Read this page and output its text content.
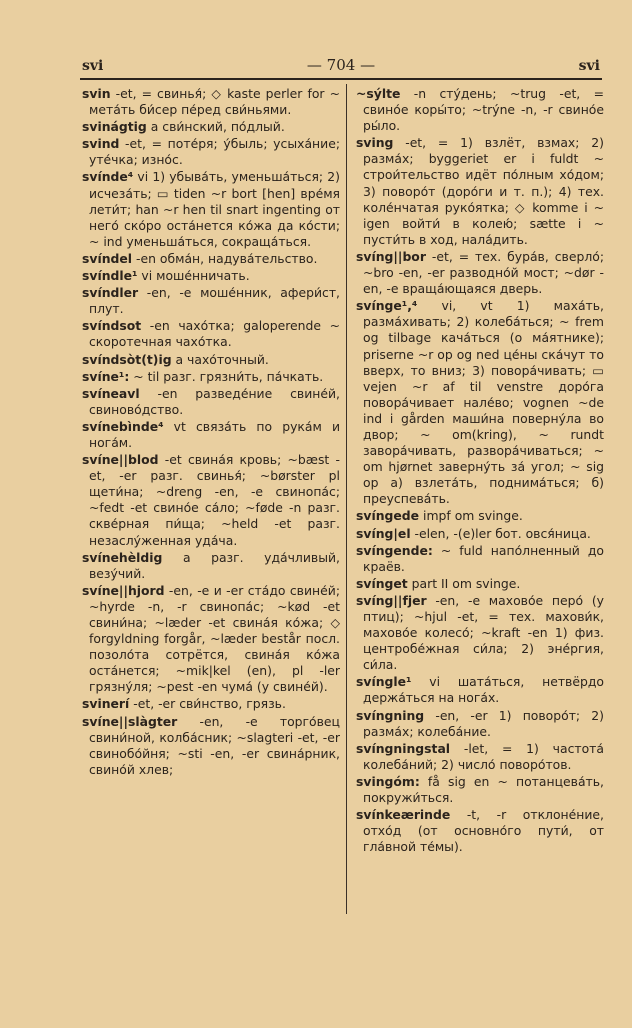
svi	— 704 —	svi
svin -et, = свинья́; ◇ kaste perler for ~ мета́ть би́сер пе́ред сви́ньями.
svinágtig a сви́нский, по́длый.
svind -et, = поте́ря; у́быль; усыха́ние; уте́чка; изно́с.
svínde⁴ vi 1) убыва́ть, уменьша́ться; 2) исчеза́ть; ▭ tiden ~r bort [hen] вре́мя лети́т; han ~r hen til snart ingenting от него́ ско́ро оста́нется ко́жа да ко́сти; ~ ind уменьша́ться, сокраща́ться.
svíndel -en обма́н, надува́тельство.
svíndle¹ vi моше́нничать.
svíndler -en, -e моше́нник, афери́ст, плут.
svíndsot -en чахо́тка; galoperende ~ скоротечная чахо́тка.
svíndsòt(t)ig a чахо́точный.
svíne¹: ~ til разг. грязни́ть, па́чкать.
svíneavl -en разведе́ние свине́й, свиново́дство.
svínebìnde⁴ vt связа́ть по рука́м и нога́м.
svíne||blod -et свина́я кровь; ~bæst -et, -er разг. свинья́; ~børster pl щети́на; ~dreng -en, -e свинопа́с; ~fedt -et свино́е са́ло; ~føde -n разг. скве́рная пи́ща; ~held -et разг. незаслу́женная уда́ча.
svínehèldig a разг. уда́чливый, везу́чий.
svíne||hjord -en, -e и -er ста́до свине́й; ~hyrde -n, -r свинопа́с; ~kød -et свини́на; ~læder -et свина́я ко́жа; ◇ forgyldning forgår, ~læder består посл. позоло́та сотрётся, свина́я ко́жа оста́нется; ~mik|kel (en), pl -ler грязну́ля; ~pest -en чума́ (у свине́й).
svinerí -et, -er сви́нство, грязь.
svíne||slàgter -en, -e торго́вец свини́ной, колба́сник; ~slagteri -et, -er свинобо́йня; ~sti -en, -er свина́рник, свино́й хлев;
~sýlte -n сту́день; ~trug -et, = свино́е коры́то; ~trýne -n, -r свино́е ры́ло.
sving -et, = 1) взлёт, взмах; 2) разма́х; byggeriet er i fuldt ~ строи́тельство идёт по́лным хо́дом; 3) поворо́т (доро́ги и т. п.); 4) тех. коле́нчатая руко́ятка; ◇ komme i ~ igen войти́ в колею́; sætte i ~ пусти́ть в ход, нала́дить.
svíng||bor -et, = тех. бура́в, сверло́; ~bro -en, -er разводно́й мост; ~dør -en, -e враща́ющаяся дверь.
svínge¹,⁴ vi, vt 1) маха́ть, разма́хивать; 2) колеба́ться; ~ frem og tilbage кача́ться (о ма́ятнике); priserne ~r op og ned це́ны ска́чут то вверх, то вниз; 3) повора́чивать; ▭ vejen ~r af til venstre доро́га повора́чивает нале́во; vognen ~de ind i gården маши́на поверну́ла во двор; ~ om(kring), ~ rundt завора́чивать, развора́чиваться; ~ om hjørnet заверну́ть за́ угол; ~ sig op а) взлета́ть, поднима́ться; б) преуспева́ть.
svíngede impf om svinge.
svíng|el -elen, -(e)ler бот. овся́ница.
svíngende: ~ fuld напо́лненный до краёв.
svínget part II om svinge.
svíng||fjer -en, -e махово́е перо́ (у птиц); ~hjul -et, = тех. махови́к, махово́е колесо́; ~kraft -en 1) физ. центробе́жная си́ла; 2) эне́ргия, си́ла.
svíngle¹ vi шата́ться, нетвёрдо держа́ться на нога́х.
svíngning -en, -er 1) поворо́т; 2) разма́х; колеба́ние.
svíngningstal -let, = 1) частота́ колеба́ний; 2) число́ поворо́тов.
svingóm: få sig en ~ потанцева́ть, покружи́ться.
svínkeærinde -t, -r отклоне́ние, отхо́д (от основно́го пути́, от гла́вной те́мы).
